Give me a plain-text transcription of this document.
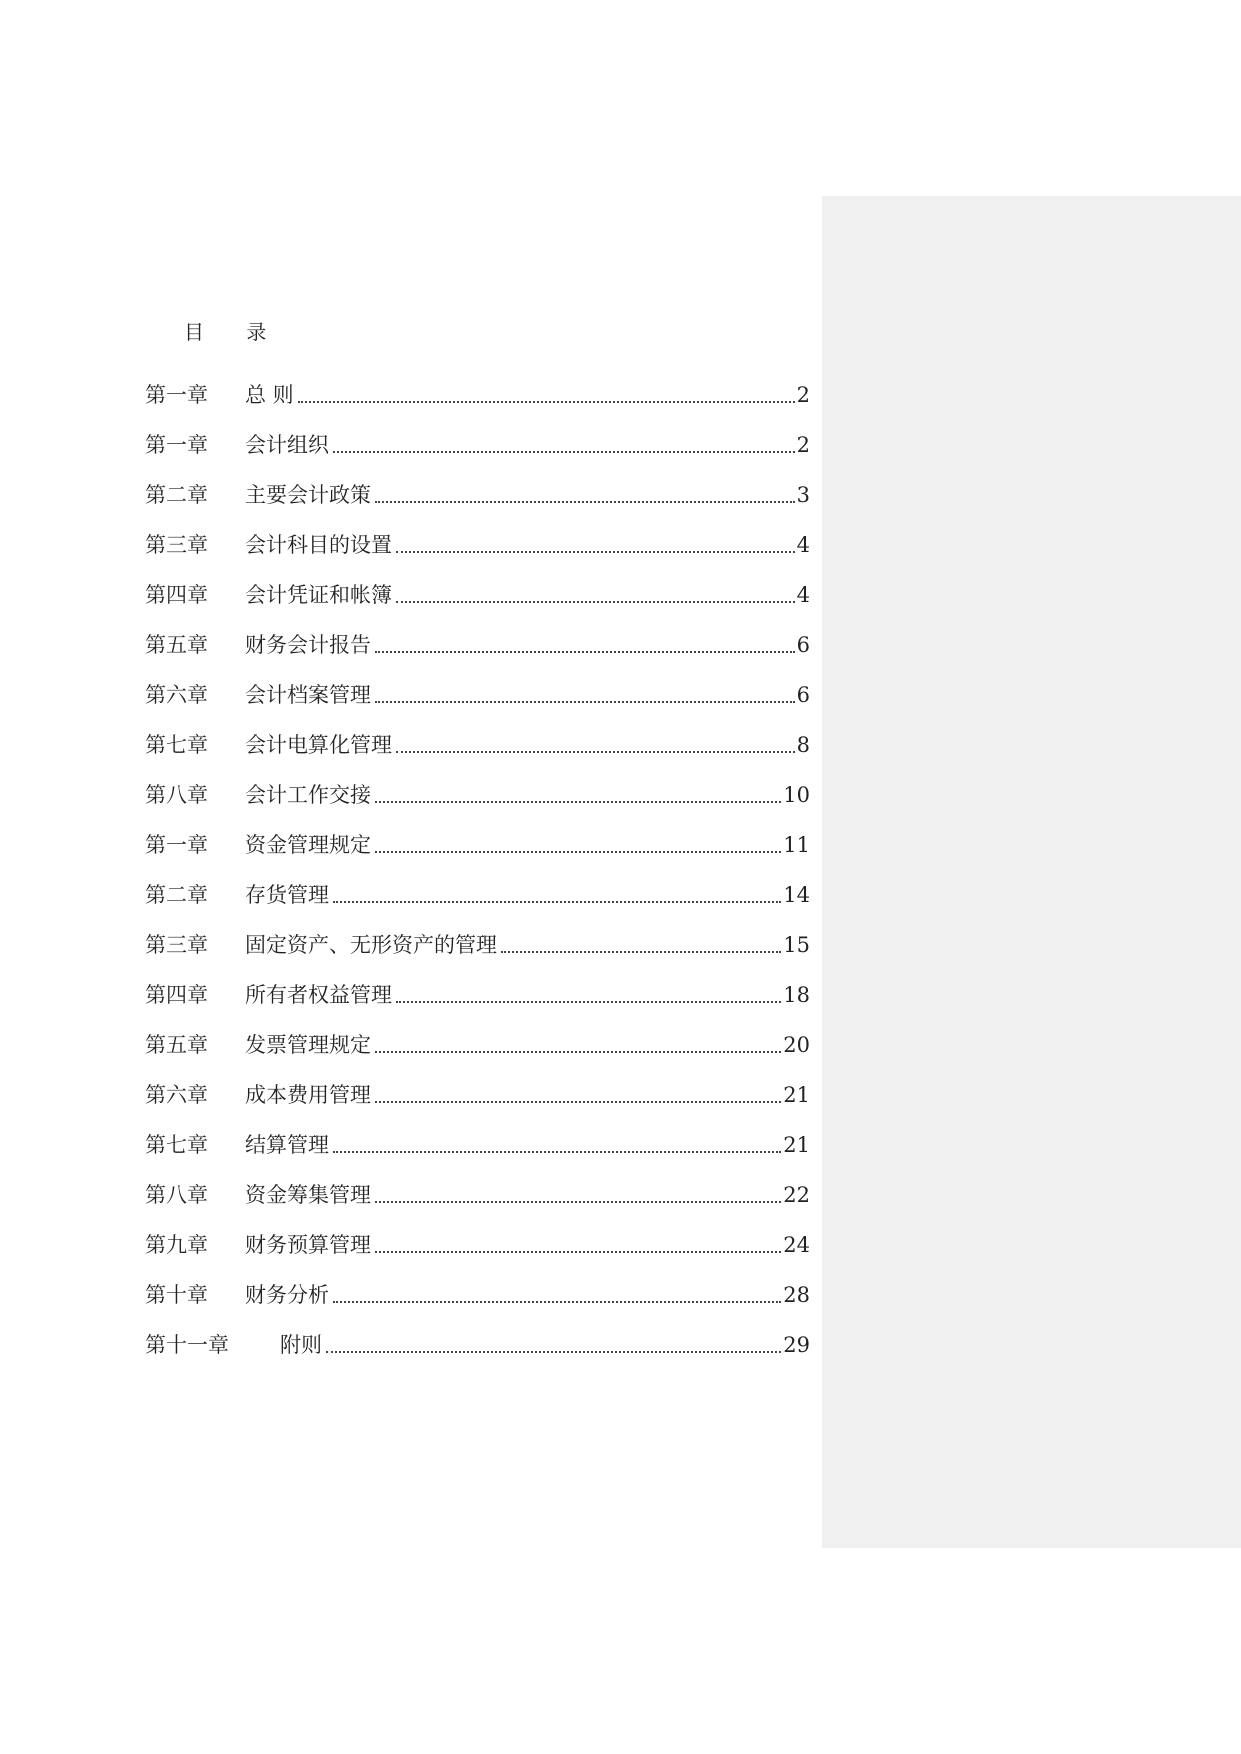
目 录
第一章	总 则	2
第一章	会计组织	2
第二章	主要会计政策	3
第三章	会计科目的设置	4
第四章	会计凭证和帐簿	4
第五章	财务会计报告	6
第六章	会计档案管理	6
第七章	会计电算化管理	8
第八章	会计工作交接	10
第一章	资金管理规定	11
第二章	存货管理	14
第三章	固定资产、无形资产的管理	15
第四章	所有者权益管理	18
第五章	发票管理规定	20
第六章	成本费用管理	21
第七章	结算管理	21
第八章	资金筹集管理	22
第九章	财务预算管理	24
第十章	财务分析	28
第十一章	附则	29
